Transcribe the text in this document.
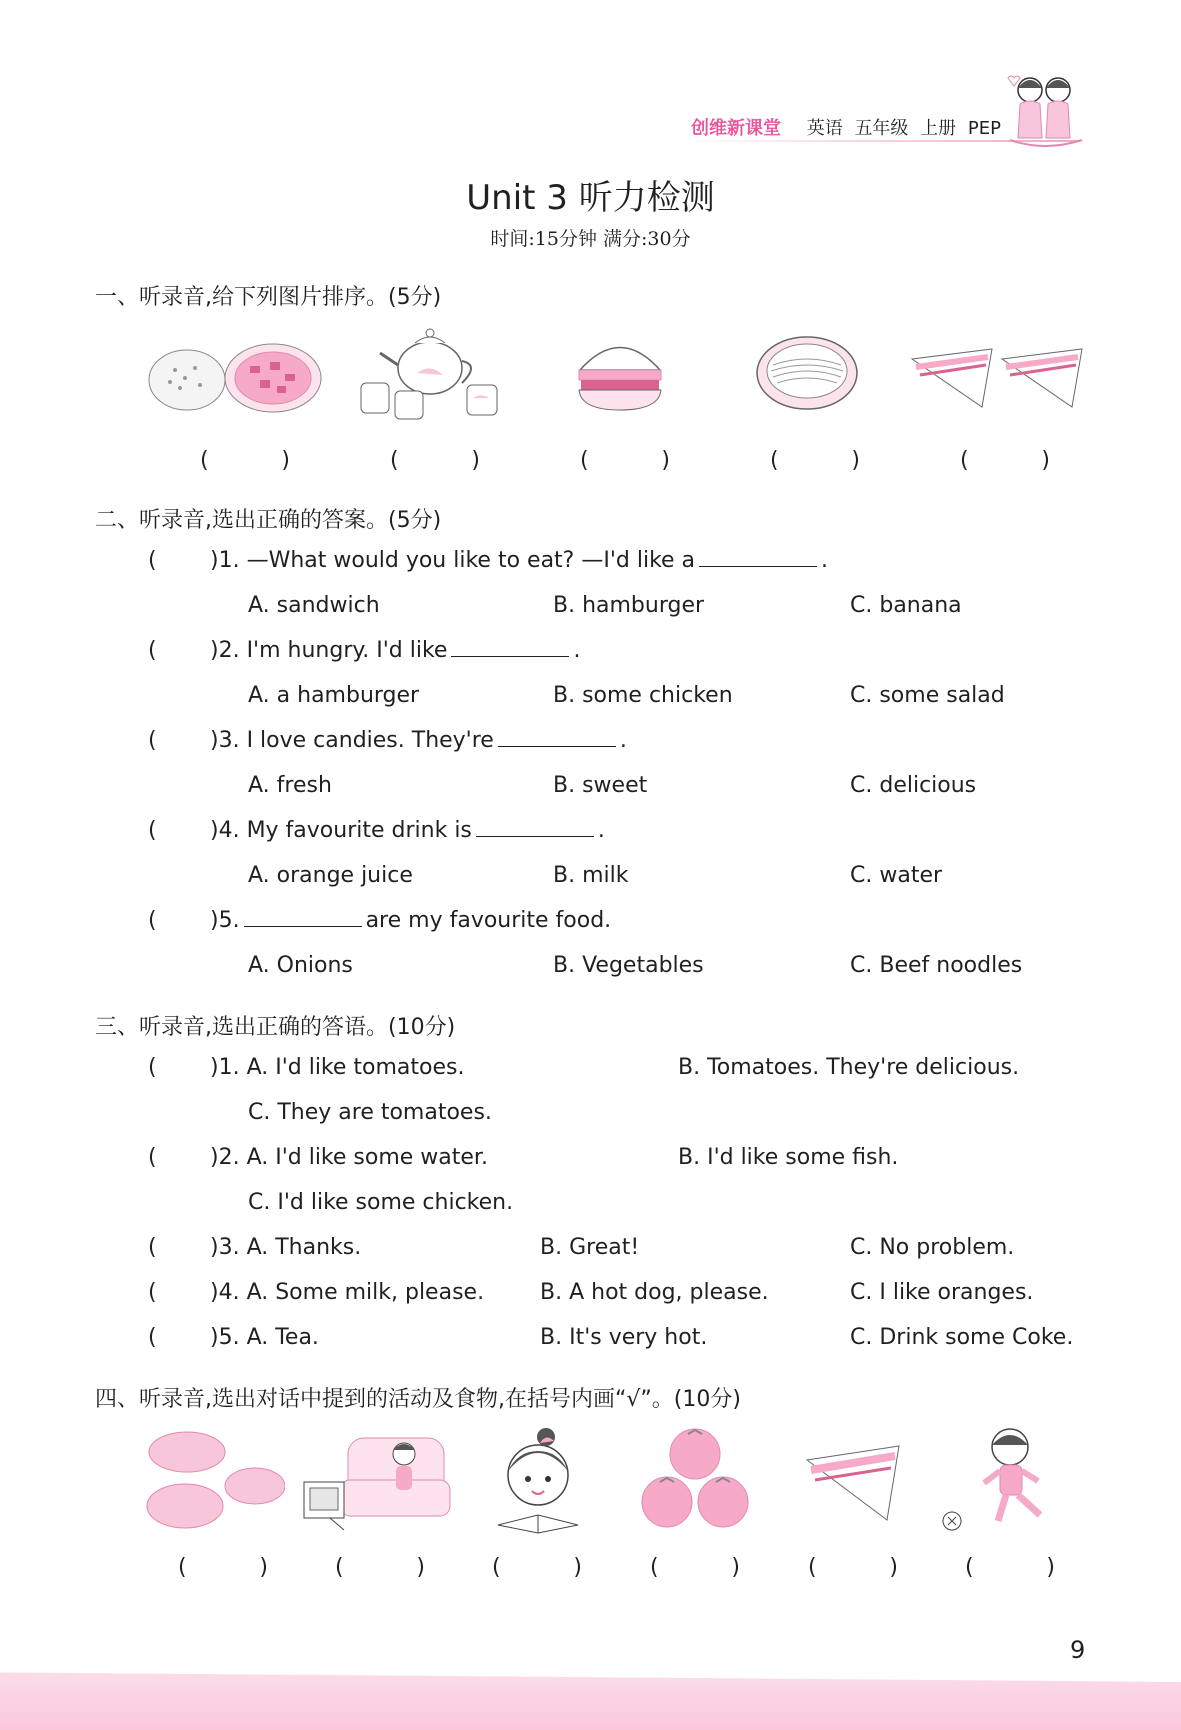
创维新课堂 英语 五年级 上册 PEP
Unit 3 听力检测
时间:15分钟 满分:30分
一、听录音,给下列图片排序。(5分)
(	)	(	)	(	)	(	)	(	)
二、听录音,选出正确的答案。(5分)
( )1. —What would you like to eat? —I'd like a	.
A. sandwich	B. hamburger	C. banana
( )2. I'm hungry. I'd like	.
A. a hamburger	B. some chicken	C. some salad
( )3. I love candies. They're	.
A. fresh	B. sweet	C. delicious
( )4. My favourite drink is	.
A. orange juice	B. milk	C. water
( )5.	are my favourite food.
A. Onions	B. Vegetables	C. Beef noodles
三、听录音,选出正确的答语。(10分)
( )1. A. I'd like tomatoes.	B. Tomatoes. They're delicious.
C. They are tomatoes.
( )2. A. I'd like some water.	B. I'd like some fish.
C. I'd like some chicken.
( )3. A. Thanks.	B. Great!	C. No problem.
( )4. A. Some milk, please.	B. A hot dog, please.	C. I like oranges.
( )5. A. Tea.	B. It's very hot.	C. Drink some Coke.
四、听录音,选出对话中提到的活动及食物,在括号内画“√”。(10分)
(	)	(	)	(	)	(	)	(	)	(	)
9
